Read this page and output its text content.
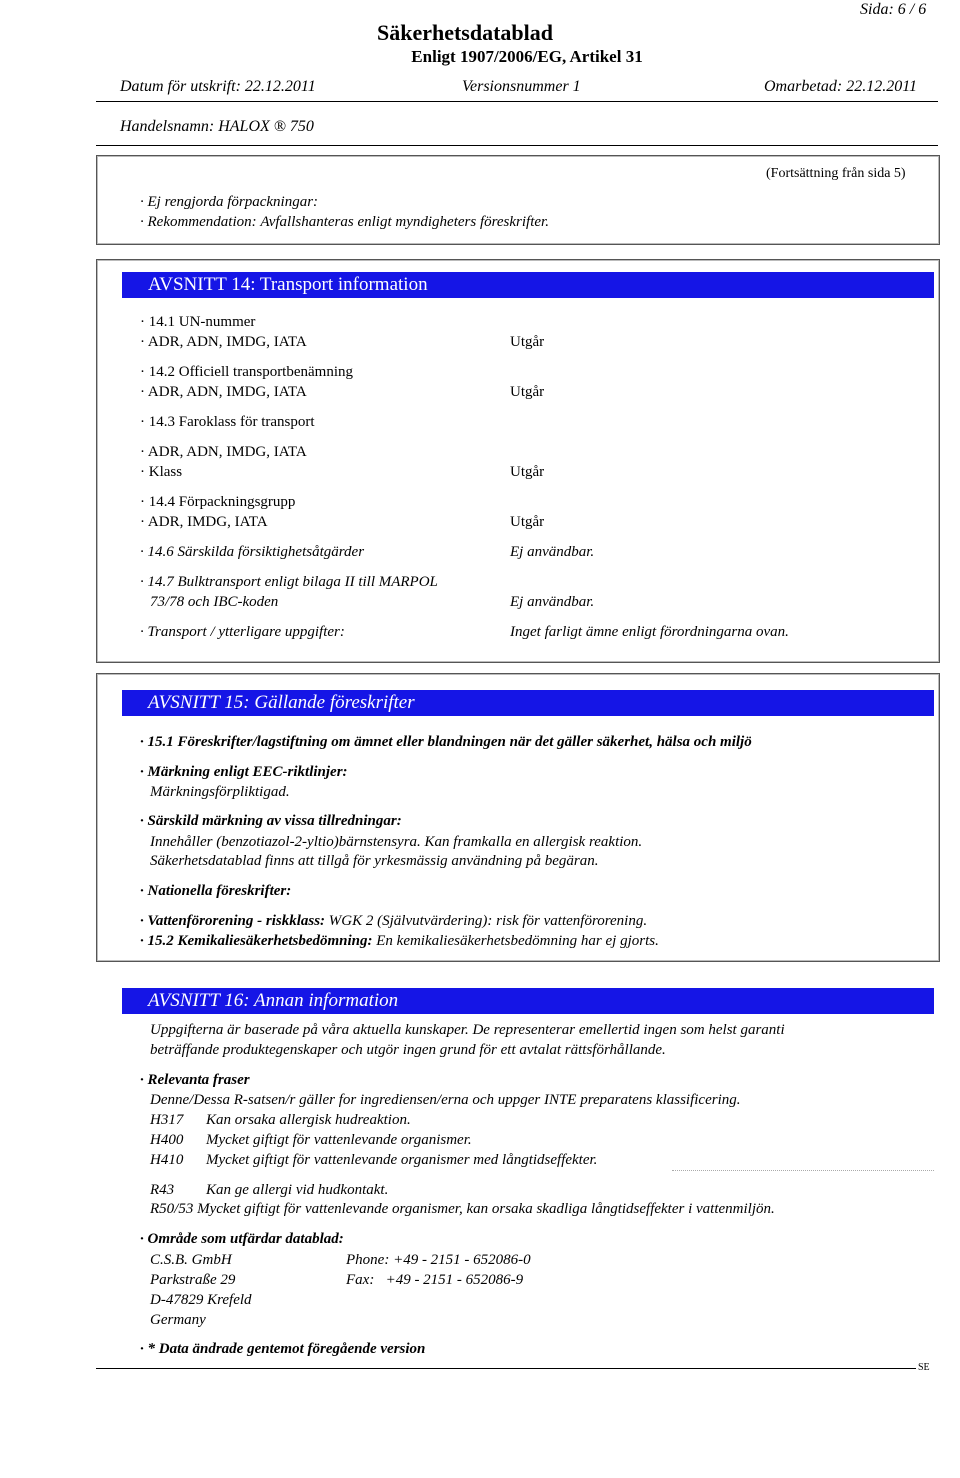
Sida: 6 / 6
Säkerhetsdatablad
Enligt 1907/2006/EG, Artikel 31
Datum för utskrift: 22.12.2011	Versionsnummer 1	Omarbetad: 22.12.2011
Handelsnamn: HALOX ® 750
(Fortsättning från sida 5)
· Ej rengjorda förpackningar:
· Rekommendation: Avfallshanteras enligt myndigheters föreskrifter.
AVSNITT 14: Transport information
· 14.1 UN-nummer
· ADR, ADN, IMDG, IATA	Utgår
· 14.2 Officiell transportbenämning
· ADR, ADN, IMDG, IATA	Utgår
· 14.3 Faroklass för transport
· ADR, ADN, IMDG, IATA
· Klass	Utgår
· 14.4 Förpackningsgrupp
· ADR, IMDG, IATA	Utgår
· 14.6 Särskilda försiktighetsåtgärder	Ej användbar.
· 14.7 Bulktransport enligt bilaga II till MARPOL
73/78 och IBC-koden	Ej användbar.
· Transport / ytterligare uppgifter:	Inget farligt ämne enligt förordningarna ovan.
AVSNITT 15: Gällande föreskrifter
· 15.1 Föreskrifter/lagstiftning om ämnet eller blandningen när det gäller säkerhet, hälsa och miljö
· Märkning enligt EEC-riktlinjer:
Märkningsförpliktigad.
· Särskild märkning av vissa tillredningar:
Innehåller (benzotiazol-2-yltio)bärnstensyra. Kan framkalla en allergisk reaktion.
Säkerhetsdatablad finns att tillgå för yrkesmässig användning på begäran.
· Nationella föreskrifter:
· Vattenförorening - riskklass: WGK 2 (Självutvärdering): risk för vattenförorening.
· 15.2 Kemikaliesäkerhetsbedömning: En kemikaliesäkerhetsbedömning har ej gjorts.
AVSNITT 16: Annan information
Uppgifterna är baserade på våra aktuella kunskaper. De representerar emellertid ingen som helst garanti
beträffande produktegenskaper och utgör ingen grund för ett avtalat rättsförhållande.
· Relevanta fraser
Denne/Dessa R-satsen/r gäller for ingrediensen/erna och uppger INTE preparatens klassificering.
H317 Kan orsaka allergisk hudreaktion.
H400 Mycket giftigt för vattenlevande organismer.
H410 Mycket giftigt för vattenlevande organismer med långtidseffekter.
R43 Kan ge allergi vid hudkontakt.
R50/53 Mycket giftigt för vattenlevande organismer, kan orsaka skadliga långtidseffekter i vattenmiljön.
· Område som utfärdar datablad:
C.S.B. GmbH	Phone: +49 - 2151 - 652086-0
Parkstraße 29	Fax:   +49 - 2151 - 652086-9
D-47829 Krefeld
Germany
· * Data ändrade gentemot föregående version
SE
